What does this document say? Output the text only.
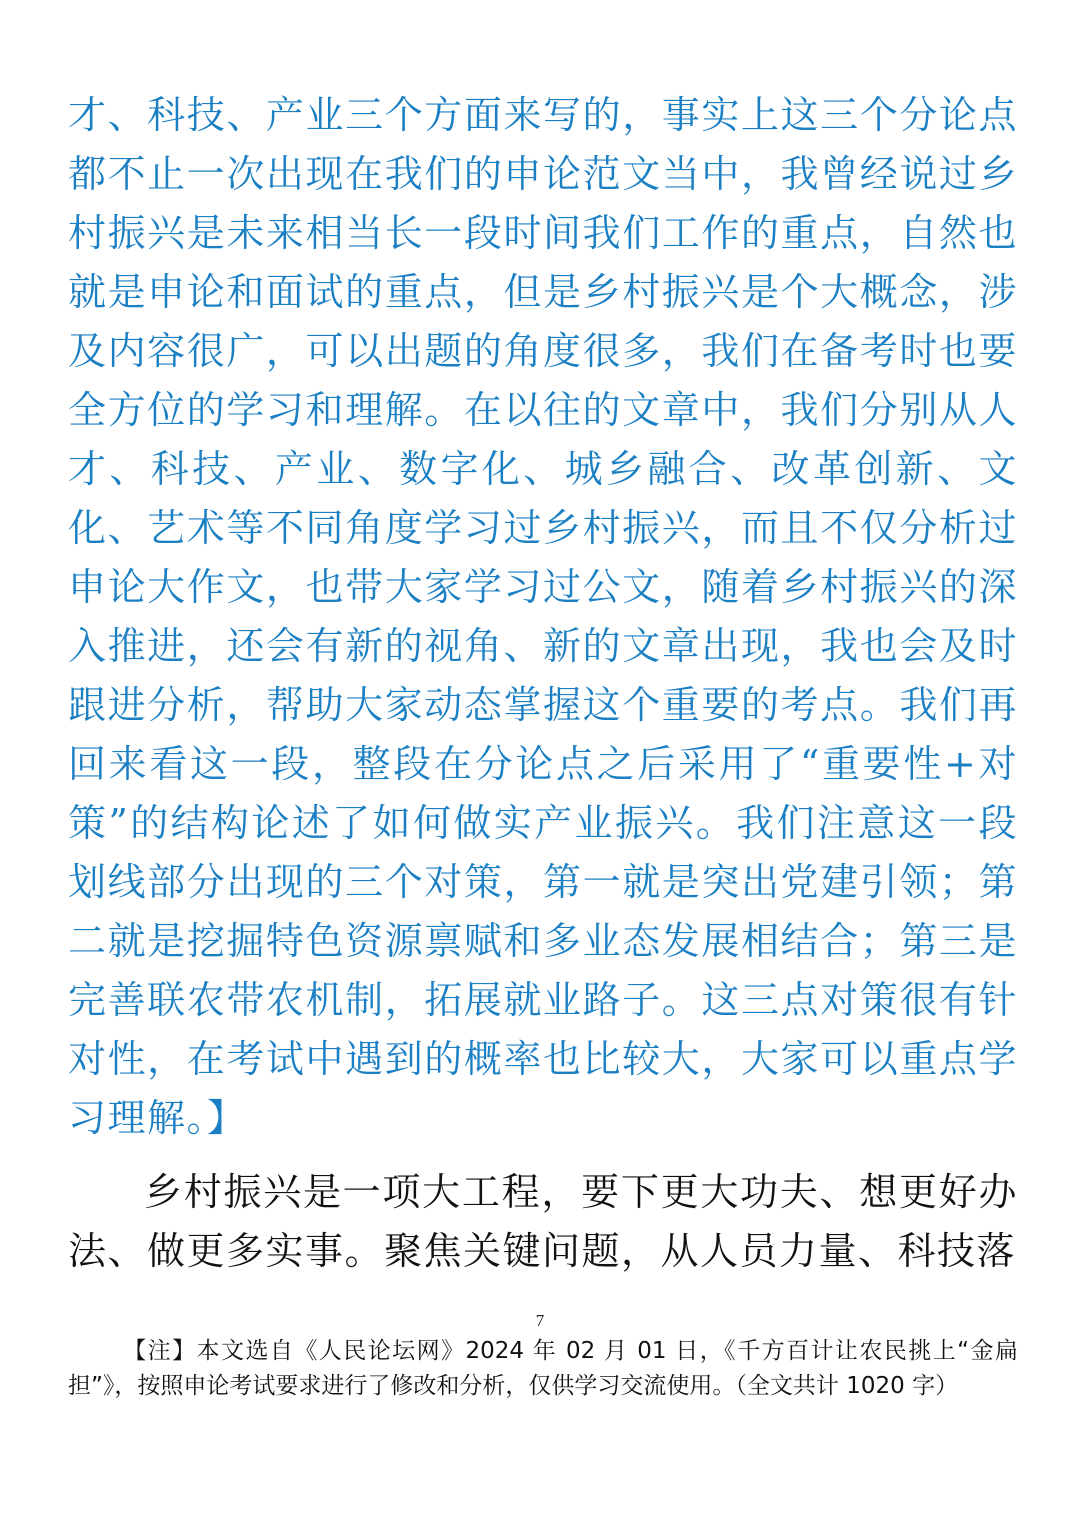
才、科技、产业三个方面来写的，事实上这三个分论点都不止一次出现在我们的申论范文当中，我曾经说过乡村振兴是未来相当长一段时间我们工作的重点，自然也就是申论和面试的重点，但是乡村振兴是个大概念，涉及内容很广，可以出题的角度很多，我们在备考时也要全方位的学习和理解。在以往的文章中，我们分别从人才、科技、产业、数字化、城乡融合、改革创新、文化、艺术等不同角度学习过乡村振兴，而且不仅分析过申论大作文，也带大家学习过公文，随着乡村振兴的深入推进，还会有新的视角、新的文章出现，我也会及时跟进分析，帮助大家动态掌握这个重要的考点。我们再回来看这一段，整段在分论点之后采用了“重要性+对策”的结构论述了如何做实产业振兴。我们注意这一段划线部分出现的三个对策，第一就是突出党建引领；第二就是挖掘特色资源禀赋和多业态发展相结合；第三是完善联农带农机制，拓展就业路子。这三点对策很有针对性，在考试中遇到的概率也比较大，大家可以重点学习理解。】

乡村振兴是一项大工程，要下更大功夫、想更好办法、做更多实事。聚焦关键问题，从人员力量、科技落

7

【注】本文选自《人民论坛网》2024 年 02 月 01 日，《千方百计让农民挑上“金扁担”》，按照申论考试要求进行了修改和分析，仅供学习交流使用。（全文共计 1020 字）
